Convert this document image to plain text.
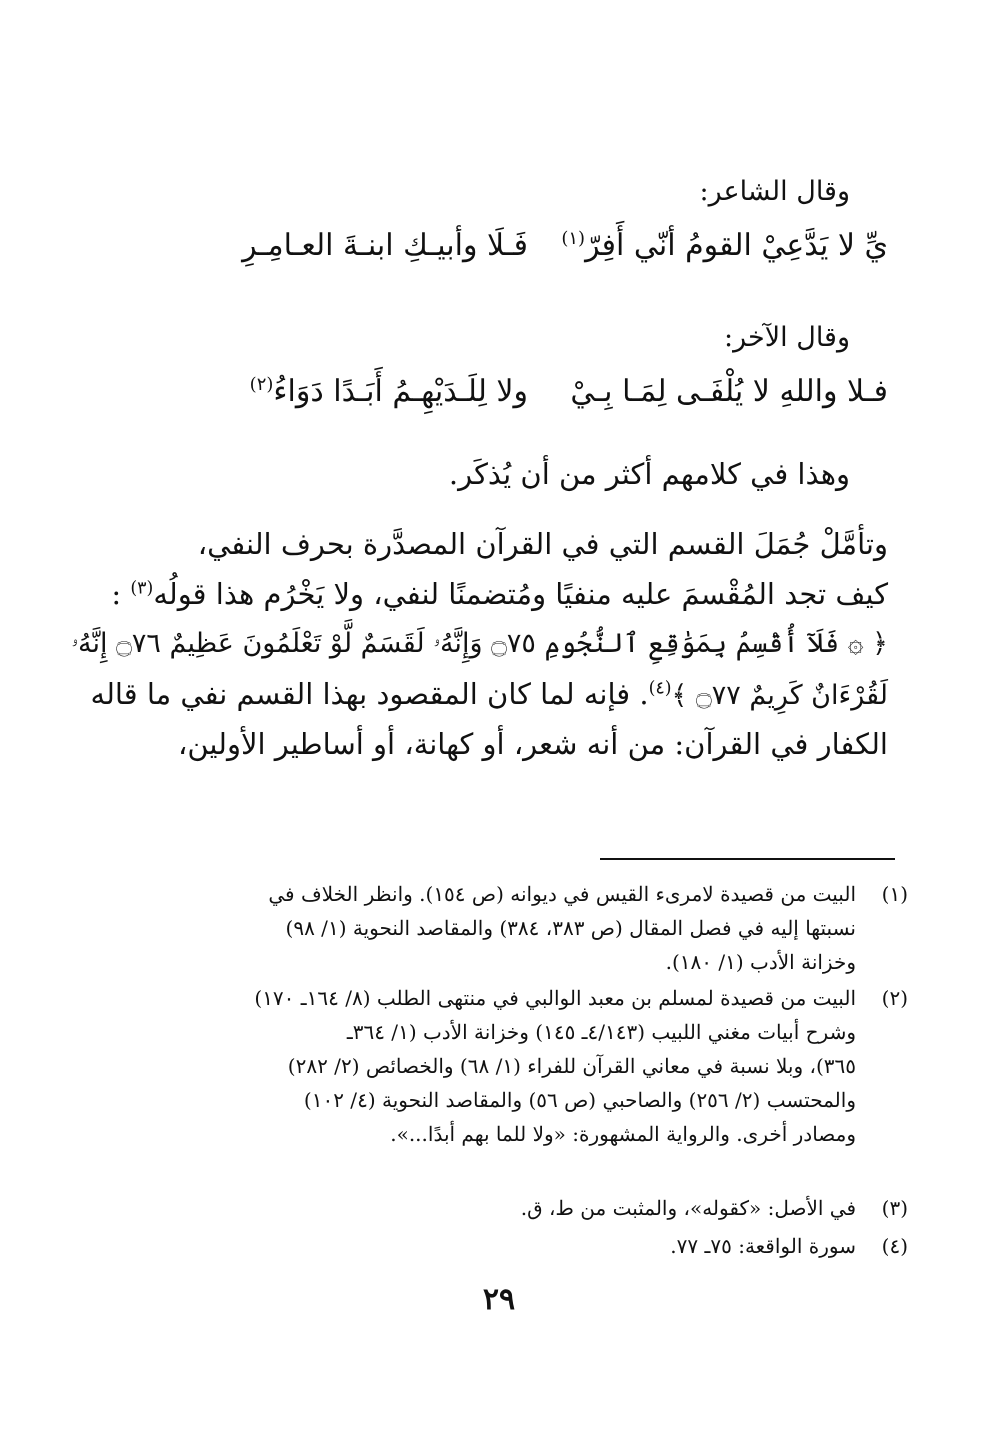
وقال الشاعر:
يِّ لا يَدَّعِيْ القومُ أنّي أَفِرّ$^{(١)}$
فَـلَا وأبيـكِ ابنـةَ العـامِـرِ
وقال الآخر:
فـلا واللهِ لا يُلْفَـى لِمَـا بِـيْ
ولا لِلَـدَيْهِـمُ أَبَـدًا دَوَاءُ$^{(٢)}$
وهذا في كلامهم أكثر من أن يُذكَر.
وتأمَّلْ جُمَلَ القسم التي في القرآن المصدَّرة بحرف النفي،
كيف تجد المُقْسمَ عليه منفيًا ومُتضمنًا لنفي، ولا يَخْرُم هذا قولُه$^{(٣)}$ :
﴿ ۞ فَلَآ أُقْسِمُ بِمَوَٰقِعِ ٱلنُّجُومِ ۝٧٥ وَإِنَّهُۥ لَقَسَمٌ لَّوْ تَعْلَمُونَ عَظِيمٌ ۝٧٦ إِنَّهُۥ
لَقُرْءَانٌ كَرِيمٌ ۝٧٧ ﴾$^{(٤)}$. فإنه لما كان المقصود بهذا القسم نفي ما قاله
الكفار في القرآن: من أنه شعر، أو كهانة، أو أساطير الأولين،
(١)
البيت من قصيدة لامرىء القيس في ديوانه (ص ١٥٤). وانظر الخلاف في
نسبتها إليه في فصل المقال (ص ٣٨٣، ٣٨٤) والمقاصد النحوية (١/ ٩٨)
وخزانة الأدب (١/ ١٨٠).
(٢)
البيت من قصيدة لمسلم بن معبد الوالبي في منتهى الطلب (٨/ ١٦٤ـ ١٧٠)
وشرح أبيات مغني اللبيب (٤/١٤٣ـ ١٤٥) وخزانة الأدب (١/ ٣٦٤ـ
٣٦٥)، وبلا نسبة في معاني القرآن للفراء (١/ ٦٨) والخصائص (٢/ ٢٨٢)
والمحتسب (٢/ ٢٥٦) والصاحبي (ص ٥٦) والمقاصد النحوية (٤/ ١٠٢)
ومصادر أخرى. والرواية المشهورة: «ولا للما بهم أبدًا...».
(٣)
في الأصل: «كقوله»، والمثبت من ط، ق.
(٤)
سورة الواقعة: ٧٥ـ ٧٧.
٢٩
